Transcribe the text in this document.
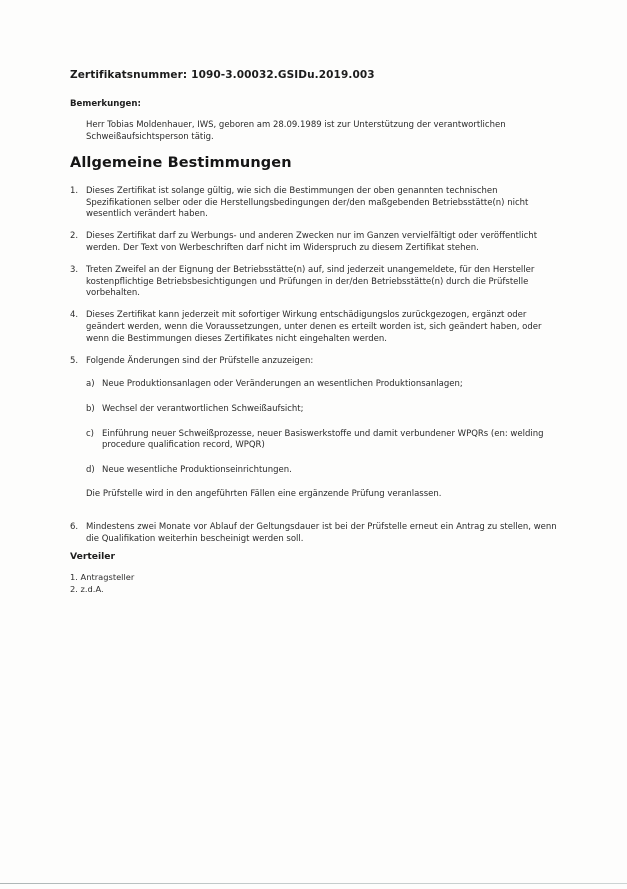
Zertifikatsnummer: 1090-3.00032.GSIDu.2019.003
Bemerkungen:
Herr Tobias Moldenhauer, IWS, geboren am 28.09.1989 ist zur Unterstützung der verantwortlichen Schweißaufsichtsperson tätig.
Allgemeine Bestimmungen
1. Dieses Zertifikat ist solange gültig, wie sich die Bestimmungen der oben genannten technischen Spezifikationen selber oder die Herstellungsbedingungen der/den maßgebenden Betriebsstätte(n) nicht wesentlich verändert haben.
2. Dieses Zertifikat darf zu Werbungs- und anderen Zwecken nur im Ganzen vervielfältigt oder veröffentlicht werden. Der Text von Werbeschriften darf nicht im Widerspruch zu diesem Zertifikat stehen.
3. Treten Zweifel an der Eignung der Betriebsstätte(n) auf, sind jederzeit unangemeldete, für den Hersteller kostenpflichtige Betriebsbesichtigungen und Prüfungen in der/den Betriebsstätte(n) durch die Prüfstelle vorbehalten.
4. Dieses Zertifikat kann jederzeit mit sofortiger Wirkung entschädigungslos zurückgezogen, ergänzt oder geändert werden, wenn die Voraussetzungen, unter denen es erteilt worden ist, sich geändert haben, oder wenn die Bestimmungen dieses Zertifikates nicht eingehalten werden.
5. Folgende Änderungen sind der Prüfstelle anzuzeigen:
a) Neue Produktionsanlagen oder Veränderungen an wesentlichen Produktionsanlagen;
b) Wechsel der verantwortlichen Schweißaufsicht;
c) Einführung neuer Schweißprozesse, neuer Basiswerkstoffe und damit verbundener WPQRs (en: welding procedure qualification record, WPQR)
d) Neue wesentliche Produktionseinrichtungen.
Die Prüfstelle wird in den angeführten Fällen eine ergänzende Prüfung veranlassen.
6. Mindestens zwei Monate vor Ablauf der Geltungsdauer ist bei der Prüfstelle erneut ein Antrag zu stellen, wenn die Qualifikation weiterhin bescheinigt werden soll.
Verteiler
1. Antragsteller
2. z.d.A.
